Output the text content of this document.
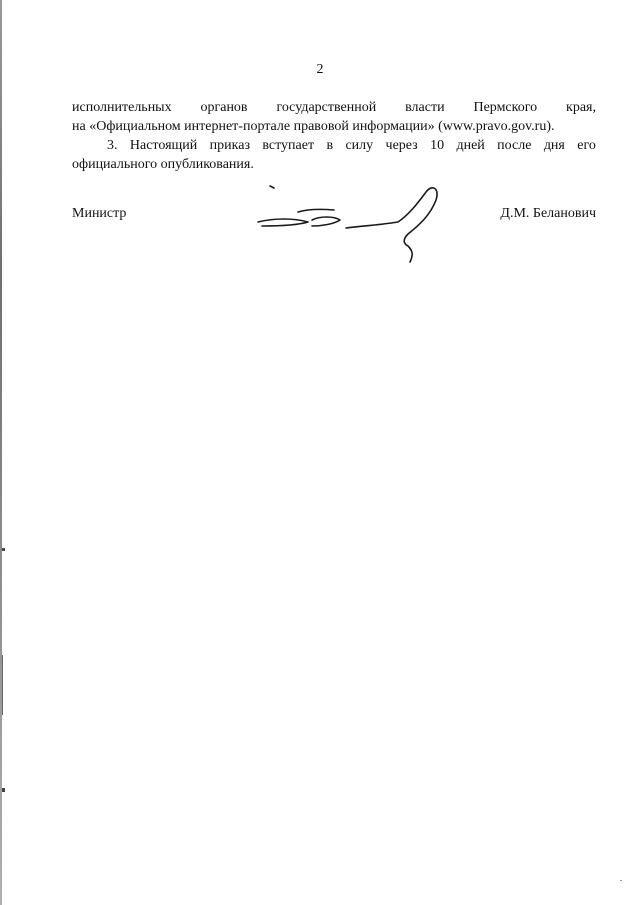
2
исполнительных органов государственной власти Пермского края,
на «Официальном интернет-портале правовой информации» (www.pravo.gov.ru).
3. Настоящий приказ вступает в силу через 10 дней после дня его
официального опубликования.
Министр	Д.М. Беланович
